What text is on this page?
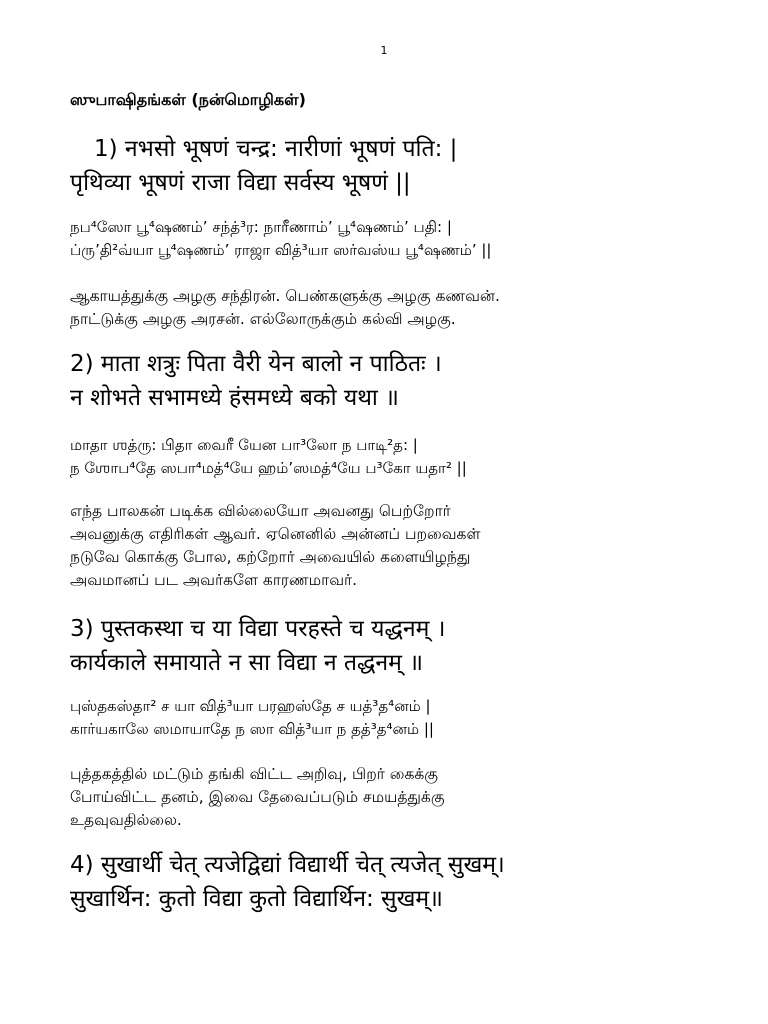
1
ஸுபாஷிதங்கள் (நன்மொழிகள்)
1) नभसो भूषणं चन्द्र: नारीणां भूषणं पति: |
पृथिव्या भूषणं राजा विद्या सर्वस्य भूषणं ||
நப⁴ஸோ பூ⁴ஷணம்’ சந்த்³ர: நாரீணாம்’ பூ⁴ஷணம்’ பதி: |
ப்ரு’தி²வ்யா பூ⁴ஷணம்’ ராஜா வித்³யா ஸர்வஸ்ய பூ⁴ஷணம்’ ||
ஆகாயத்துக்கு அழகு சந்திரன். பெண்களுக்கு அழகு கணவன்.
நாட்டுக்கு அழகு அரசன். எல்லோருக்கும் கல்வி அழகு.
2) माता शत्रुः पिता वैरी येन बालो न पाठितः ।
न शोभते सभामध्ये हंसमध्ये बको यथा ॥
மாதா ஶத்ரு: பிதா வைரீ யேன பா³லோ ந பாடி²த: |
ந ஶோப⁴தே ஸபா⁴மத்⁴யே ஹம்’ஸமத்⁴யே ப³கோ யதா² ||
எந்த பாலகன் படிக்க வில்லையோ அவனது பெற்றோர்
அவனுக்கு எதிரிகள் ஆவர். ஏனெனில் அன்னப் பறவைகள்
நடுவே கொக்கு போல, கற்றோர் அவையில் களையிழந்து
அவமானப் பட அவர்களே காரணமாவர்.
3) पुस्तकस्था च या विद्या परहस्ते च यद्धनम् ।
कार्यकाले समायाते न सा विद्या न तद्धनम् ॥
புஸ்தகஸ்தா² ச யா வித்³யா பரஹஸ்தே ச யத்³த⁴னம் |
கார்யகாலே ஸமாயாதே ந ஸா வித்³யா ந தத்³த⁴னம் ||
புத்தகத்தில் மட்டும் தங்கி விட்ட அறிவு, பிறர் கைக்கு
போய்விட்ட தனம், இவை தேவைப்படும் சமயத்துக்கு
உதவுவதில்லை.
4) सुखार्थी चेत् त्यजेद्विद्यां विद्यार्थी चेत् त्यजेत् सुखम्।
सुखार्थिन: कुतो विद्या कुतो विद्यार्थिन: सुखम्॥
